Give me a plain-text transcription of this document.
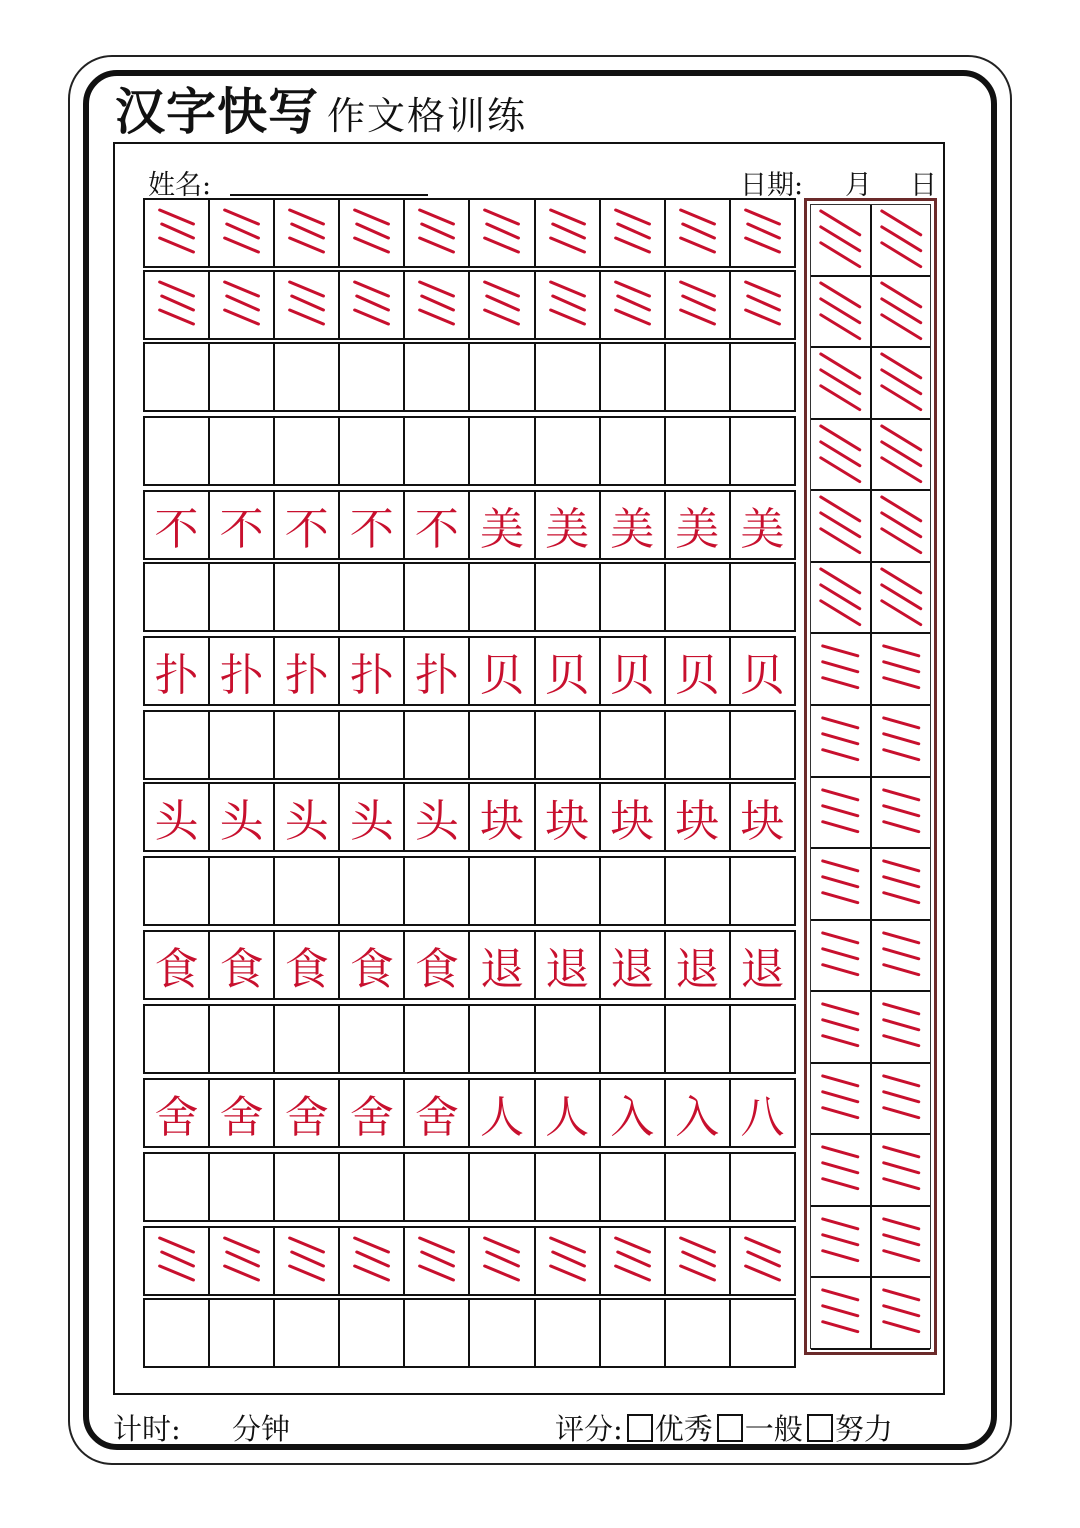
汉字快写 作文格训练
姓名:	日期: 月 日
不 不 不 不 不 美 美 美 美 美
扑 扑 扑 扑 扑 贝 贝 贝 贝 贝
头 头 头 头 头 块 块 块 块 块
食 食 食 食 食 退 退 退 退 退
舍 舍 舍 舍 舍 人 人 入 入 八
计时: 分钟	评分: 优秀 一般 努力
